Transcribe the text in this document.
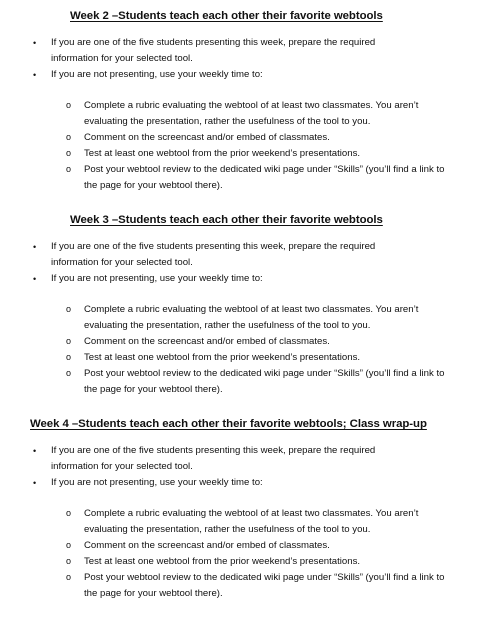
Week 2 –Students teach each other their favorite webtools
• If you are one of the five students presenting this week, prepare the required information for your selected tool.
• If you are not presenting, use your weekly time to:
o Complete a rubric evaluating the webtool of at least two classmates. You aren’t evaluating the presentation, rather the usefulness of the tool to you.
o Comment on the screencast and/or embed of classmates.
o Test at least one webtool from the prior weekend’s presentations.
o Post your webtool review to the dedicated wiki page under “Skills” (you’ll find a link to the page for your webtool there).
Week 3 –Students teach each other their favorite webtools
• If you are one of the five students presenting this week, prepare the required information for your selected tool.
• If you are not presenting, use your weekly time to:
o Complete a rubric evaluating the webtool of at least two classmates. You aren’t evaluating the presentation, rather the usefulness of the tool to you.
o Comment on the screencast and/or embed of classmates.
o Test at least one webtool from the prior weekend’s presentations.
o Post your webtool review to the dedicated wiki page under “Skills” (you’ll find a link to the page for your webtool there).
Week 4 –Students teach each other their favorite webtools; Class wrap-up
• If you are one of the five students presenting this week, prepare the required information for your selected tool.
• If you are not presenting, use your weekly time to:
o Complete a rubric evaluating the webtool of at least two classmates. You aren’t evaluating the presentation, rather the usefulness of the tool to you.
o Comment on the screencast and/or embed of classmates.
o Test at least one webtool from the prior weekend’s presentations.
o Post your webtool review to the dedicated wiki page under “Skills” (you’ll find a link to the page for your webtool there).
